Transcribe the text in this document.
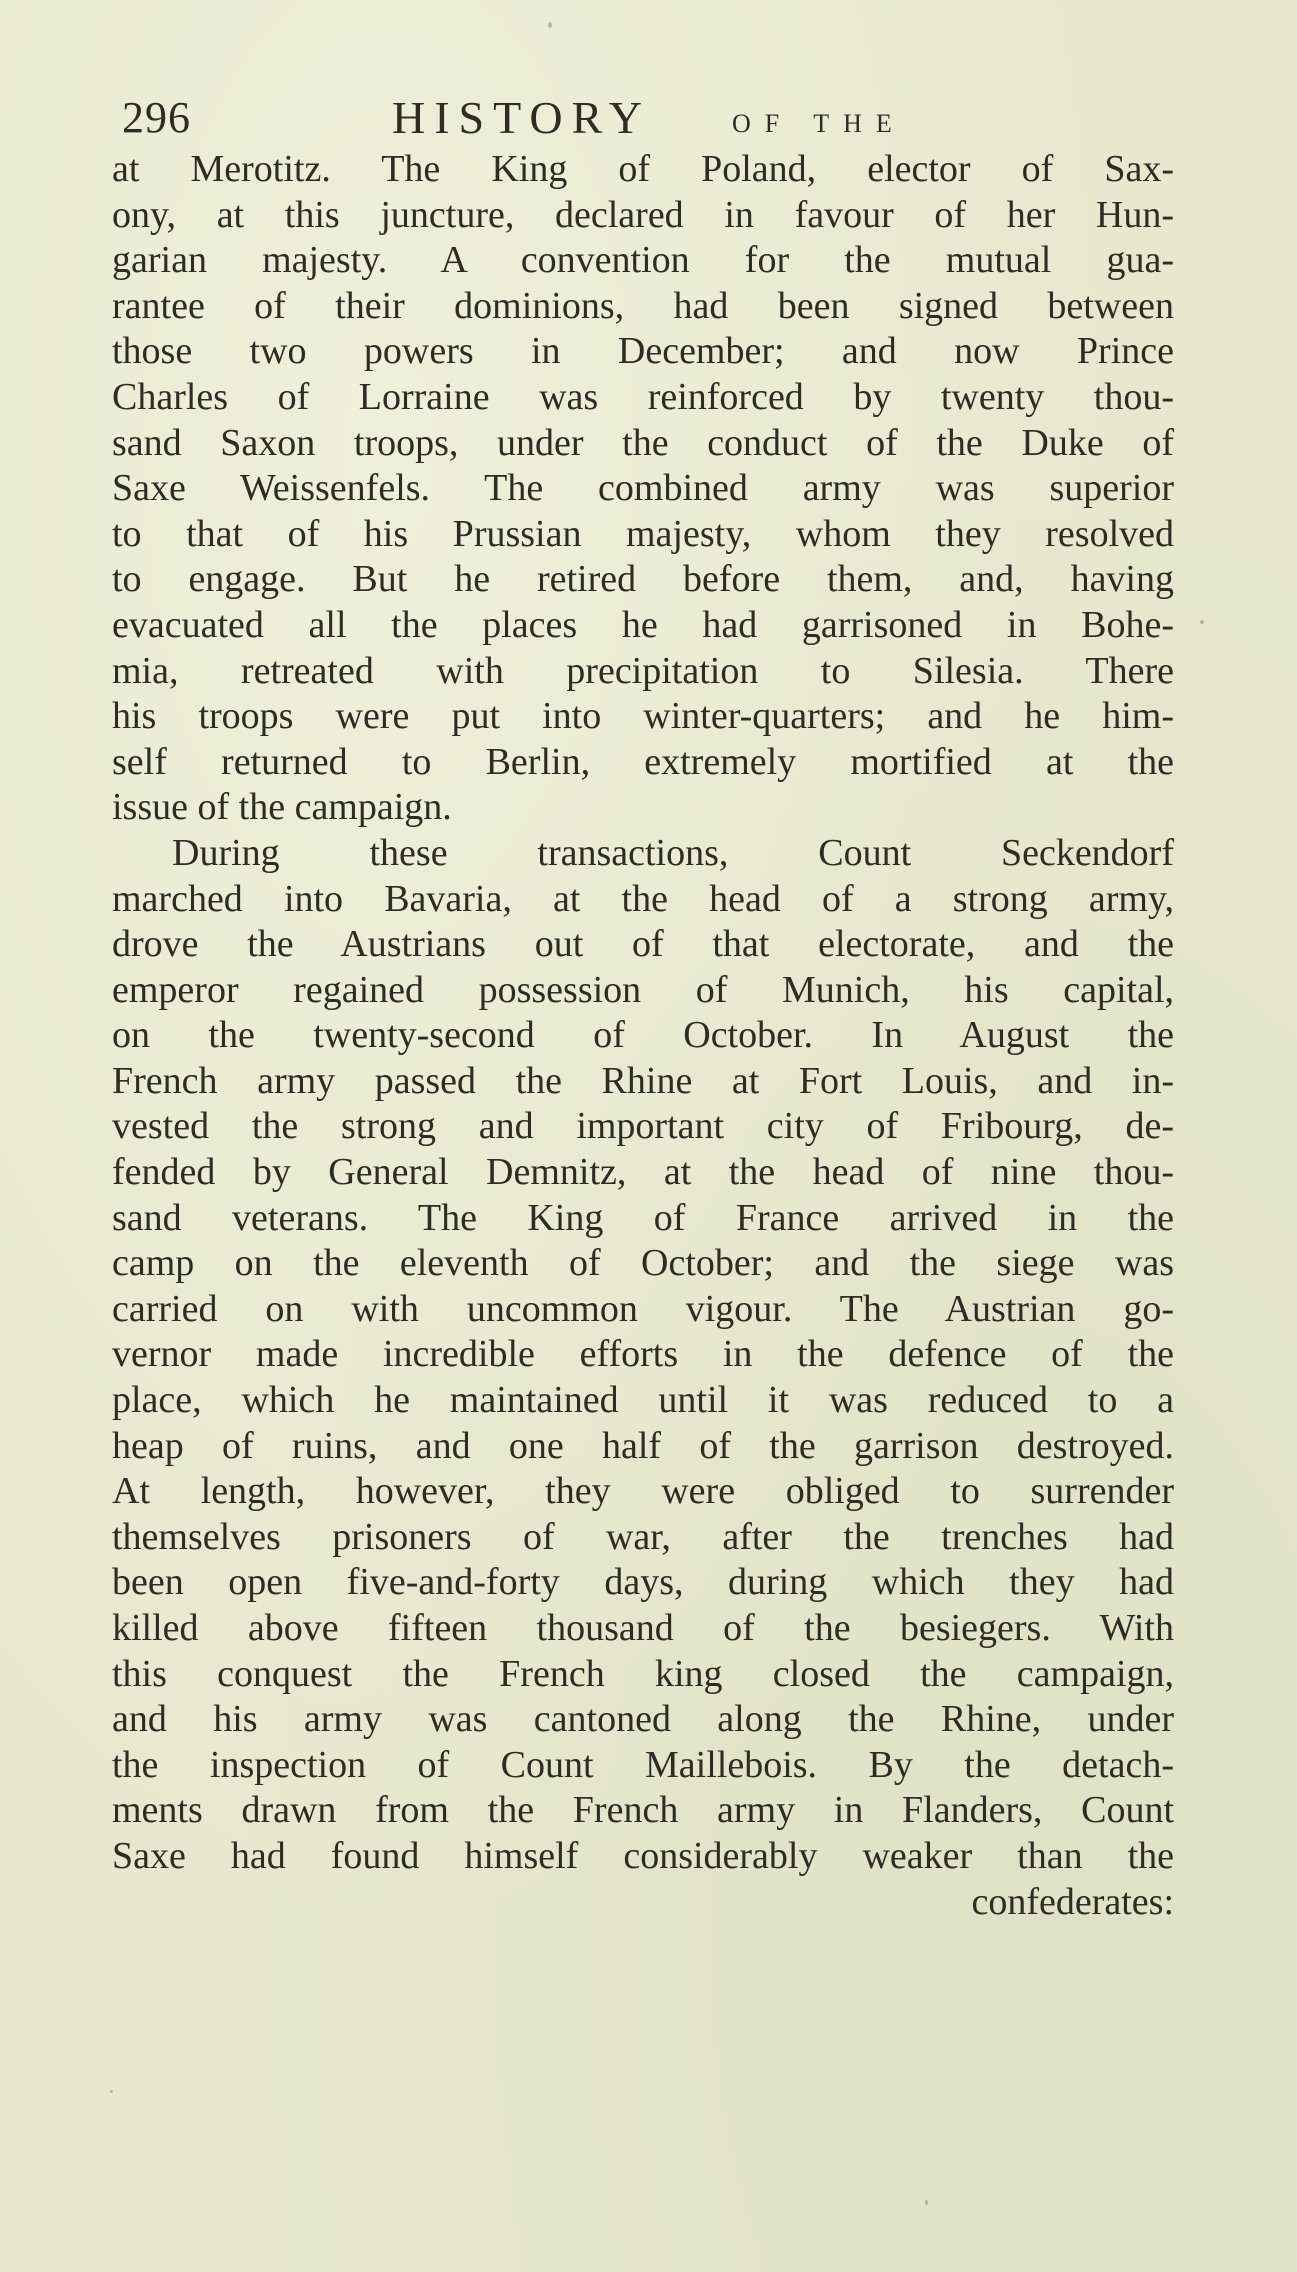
296	HISTORY	OF THE
at Merotitz. The King of Poland, elector of Sax-
ony, at this juncture, declared in favour of her Hun-
garian majesty. A convention for the mutual gua-
rantee of their dominions, had been signed between
those two powers in December; and now Prince
Charles of Lorraine was reinforced by twenty thou-
sand Saxon troops, under the conduct of the Duke of
Saxe Weissenfels. The combined army was superior
to that of his Prussian majesty, whom they resolved
to engage. But he retired before them, and, having
evacuated all the places he had garrisoned in Bohe-
mia, retreated with precipitation to Silesia. There
his troops were put into winter-quarters; and he him-
self returned to Berlin, extremely mortified at the
issue of the campaign.
During these transactions, Count Seckendorf
marched into Bavaria, at the head of a strong army,
drove the Austrians out of that electorate, and the
emperor regained possession of Munich, his capital,
on the twenty-second of October. In August the
French army passed the Rhine at Fort Louis, and in-
vested the strong and important city of Fribourg, de-
fended by General Demnitz, at the head of nine thou-
sand veterans. The King of France arrived in the
camp on the eleventh of October; and the siege was
carried on with uncommon vigour. The Austrian go-
vernor made incredible efforts in the defence of the
place, which he maintained until it was reduced to a
heap of ruins, and one half of the garrison destroyed.
At length, however, they were obliged to surrender
themselves prisoners of war, after the trenches had
been open five-and-forty days, during which they had
killed above fifteen thousand of the besiegers. With
this conquest the French king closed the campaign,
and his army was cantoned along the Rhine, under
the inspection of Count Maillebois. By the detach-
ments drawn from the French army in Flanders, Count
Saxe had found himself considerably weaker than the
confederates:
